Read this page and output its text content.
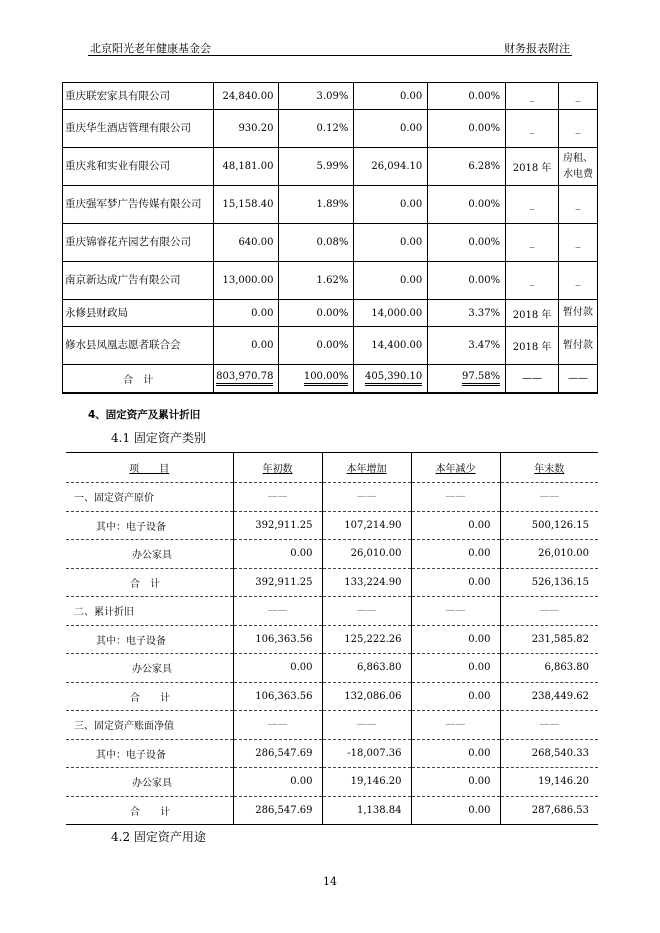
北京阳光老年健康基金会	财务报表附注
重庆联宏家具有限公司	24,840.00	3.09%	0.00	0.00%	_	_
重庆华生酒店管理有限公司	930.20	0.12%	0.00	0.00%	_	_
重庆兆和实业有限公司	48,181.00	5.99%	26,094.10	6.28%	2018 年	房租、水电费
重庆强军梦广告传媒有限公司	15,158.40	1.89%	0.00	0.00%	_	_
重庆锦睿花卉园艺有限公司	640.00	0.08%	0.00	0.00%	_	_
南京新达成广告有限公司	13,000.00	1.62%	0.00	0.00%	_	_
永修县财政局	0.00	0.00%	14,000.00	3.37%	2018 年	暂付款
修水县凤凰志愿者联合会	0.00	0.00%	14,400.00	3.47%	2018 年	暂付款
合　计	803,970.78	100.00%	405,390.10	97.58%	——	——
4、固定资产及累计折旧
4.1 固定资产类别
项　　目	年初数	本年增加	本年减少	年末数
一、固定资产原价	——	——	——	——
其中：电子设备	392,911.25	107,214.90	0.00	500,126.15
办公家具	0.00	26,010.00	0.00	26,010.00
合　计	392,911.25	133,224.90	0.00	526,136.15
二、累计折旧	——	——	——	——
其中：电子设备	106,363.56	125,222.26	0.00	231,585.82
办公家具	0.00	6,863.80	0.00	6,863.80
合　　计	106,363.56	132,086.06	0.00	238,449.62
三、固定资产账面净值	——	——	——	——
其中：电子设备	286,547.69	-18,007.36	0.00	268,540.33
办公家具	0.00	19,146.20	0.00	19,146.20
合　　计	286,547.69	1,138.84	0.00	287,686.53
4.2 固定资产用途
14
